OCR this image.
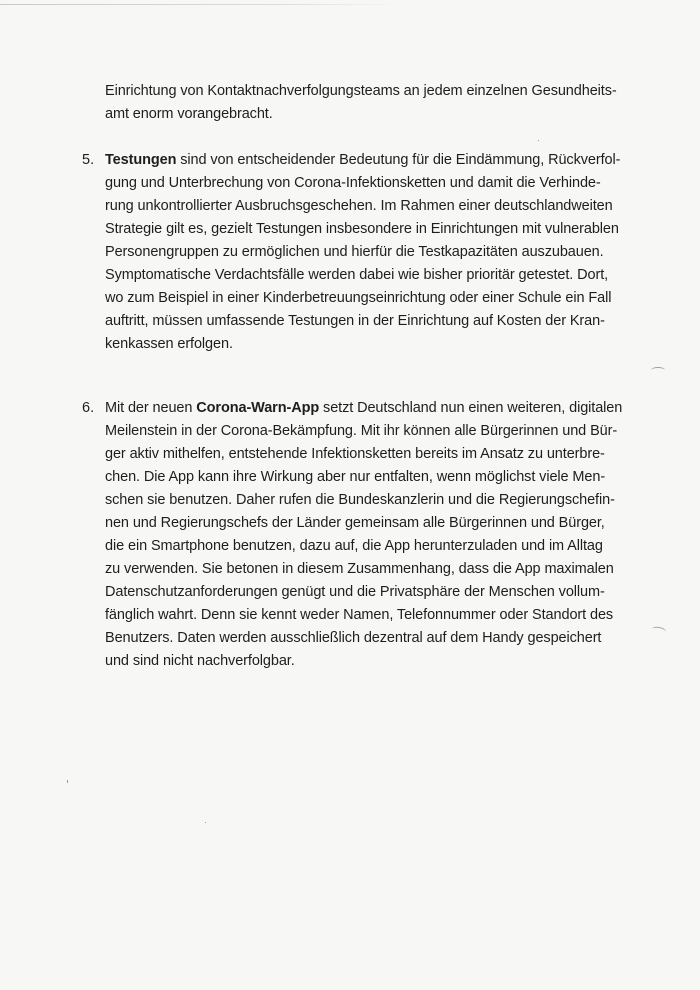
Einrichtung von Kontaktnachverfolgungsteams an jedem einzelnen Gesundheits-
amt enorm vorangebracht.
5. Testungen sind von entscheidender Bedeutung für die Eindämmung, Rückverfol-
gung und Unterbrechung von Corona-Infektionsketten und damit die Verhinde-
rung unkontrollierter Ausbruchsgeschehen. Im Rahmen einer deutschlandweiten
Strategie gilt es, gezielt Testungen insbesondere in Einrichtungen mit vulnerablen
Personengruppen zu ermöglichen und hierfür die Testkapazitäten auszubauen.
Symptomatische Verdachtsfälle werden dabei wie bisher prioritär getestet. Dort,
wo zum Beispiel in einer Kinderbetreuungseinrichtung oder einer Schule ein Fall
auftritt, müssen umfassende Testungen in der Einrichtung auf Kosten der Kran-
kenkassen erfolgen.
6. Mit der neuen Corona-Warn-App setzt Deutschland nun einen weiteren, digitalen
Meilenstein in der Corona-Bekämpfung. Mit ihr können alle Bürgerinnen und Bür-
ger aktiv mithelfen, entstehende Infektionsketten bereits im Ansatz zu unterbre-
chen. Die App kann ihre Wirkung aber nur entfalten, wenn möglichst viele Men-
schen sie benutzen. Daher rufen die Bundeskanzlerin und die Regierungschefin-
nen und Regierungschefs der Länder gemeinsam alle Bürgerinnen und Bürger,
die ein Smartphone benutzen, dazu auf, die App herunterzuladen und im Alltag
zu verwenden. Sie betonen in diesem Zusammenhang, dass die App maximalen
Datenschutzanforderungen genügt und die Privatsphäre der Menschen vollum-
fänglich wahrt. Denn sie kennt weder Namen, Telefonnummer oder Standort des
Benutzers. Daten werden ausschließlich dezentral auf dem Handy gespeichert
und sind nicht nachverfolgbar.
